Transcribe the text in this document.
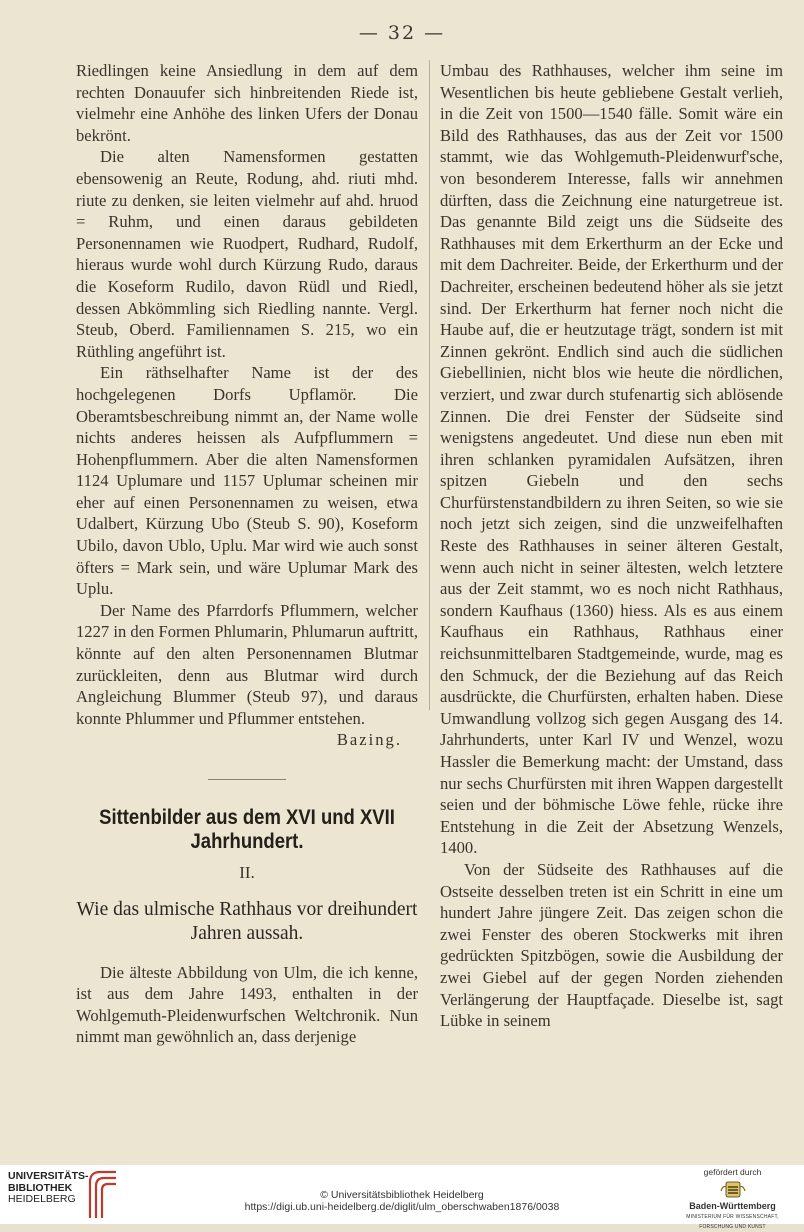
— 32 —

Riedlingen keine Ansiedlung in dem auf dem rechten Donauufer sich hinbreitenden Riede ist, vielmehr eine Anhöhe des linken Ufers der Donau bekrönt.

Die alten Namensformen gestatten ebensowenig an Reute, Rodung, ahd. riuti mhd. riute zu denken, sie leiten vielmehr auf ahd. hruod = Ruhm, und einen daraus gebildeten Personennamen wie Ruodpert, Rudhard, Rudolf, hieraus wurde wohl durch Kürzung Rudo, daraus die Koseform Rudilo, davon Rüdl und Riedl, dessen Abkömmling sich Riedling nannte. Vergl. Steub, Oberd. Familiennamen S. 215, wo ein Rüthling angeführt ist.

Ein räthselhafter Name ist der des hochgelegenen Dorfs Upflamör. Die Oberamtsbeschreibung nimmt an, der Name wolle nichts anderes heissen als Aufpflummern = Hohenpflummern. Aber die alten Namensformen 1124 Uplumare und 1157 Uplumar scheinen mir eher auf einen Personennamen zu weisen, etwa Udalbert, Kürzung Ubo (Steub S. 90), Koseform Ubilo, davon Ublo, Uplu. Mar wird wie auch sonst öfters = Mark sein, und wäre Uplumar Mark des Uplu.

Der Name des Pfarrdorfs Pflummern, welcher 1227 in den Formen Phlumarin, Phlumarun auftritt, könnte auf den alten Personennamen Blutmar zurückleiten, denn aus Blutmar wird durch Angleichung Blummer (Steub 97), und daraus konnte Phlummer und Pflummer entstehen.

Bazing.

Sittenbilder aus dem XVI und XVII Jahrhundert.
II.
Wie das ulmische Rathhaus vor dreihundert Jahren aussah.

Die älteste Abbildung von Ulm, die ich kenne, ist aus dem Jahre 1493, enthalten in der Wohlgemuth-Pleidenwurfschen Weltchronik. Nun nimmt man gewöhnlich an, dass derjenige

Umbau des Rathhauses, welcher ihm seine im Wesentlichen bis heute gebliebene Gestalt verlieh, in die Zeit von 1500—1540 fälle. Somit wäre ein Bild des Rathhauses, das aus der Zeit vor 1500 stammt, wie das Wohlgemuth-Pleidenwurf'sche, von besonderem Interesse, falls wir annehmen dürften, dass die Zeichnung eine naturgetreue ist. Das genannte Bild zeigt uns die Südseite des Rathhauses mit dem Erkerthurm an der Ecke und mit dem Dachreiter. Beide, der Erkerthurm und der Dachreiter, erscheinen bedeutend höher als sie jetzt sind. Der Erkerthurm hat ferner noch nicht die Haube auf, die er heutzutage trägt, sondern ist mit Zinnen gekrönt. Endlich sind auch die südlichen Giebellinien, nicht blos wie heute die nördlichen, verziert, und zwar durch stufenartig sich ablösende Zinnen. Die drei Fenster der Südseite sind wenigstens angedeutet. Und diese nun eben mit ihren schlanken pyramidalen Aufsätzen, ihren spitzen Giebeln und den sechs Churfürstenstandbildern zu ihren Seiten, so wie sie noch jetzt sich zeigen, sind die unzweifelhaften Reste des Rathhauses in seiner älteren Gestalt, wenn auch nicht in seiner ältesten, welch letztere aus der Zeit stammt, wo es noch nicht Rathhaus, sondern Kaufhaus (1360) hiess. Als es aus einem Kaufhaus ein Rathhaus, Rathhaus einer reichsunmittelbaren Stadtgemeinde, wurde, mag es den Schmuck, der die Beziehung auf das Reich ausdrückte, die Churfürsten, erhalten haben. Diese Umwandlung vollzog sich gegen Ausgang des 14. Jahrhunderts, unter Karl IV und Wenzel, wozu Hassler die Bemerkung macht: der Umstand, dass nur sechs Churfürsten mit ihren Wappen dargestellt seien und der böhmische Löwe fehle, rücke ihre Entstehung in die Zeit der Absetzung Wenzels, 1400.

Von der Südseite des Rathhauses auf die Ostseite desselben treten ist ein Schritt in eine um hundert Jahre jüngere Zeit. Das zeigen schon die zwei Fenster des oberen Stockwerks mit ihren gedrückten Spitzbögen, sowie die Ausbildung der zwei Giebel auf der gegen Norden ziehenden Verlängerung der Hauptfaçade. Dieselbe ist, sagt Lübke in seinem

UNIVERSITÄTS-
BIBLIOTHEK
HEIDELBERG	© Universitätsbibliothek Heidelberg
https://digi.ub.uni-heidelberg.de/diglit/ulm_oberschwaben1876/0038
gefördert durch
Baden-Württemberg
MINISTERIUM FÜR WISSENSCHAFT, FORSCHUNG UND KUNST
